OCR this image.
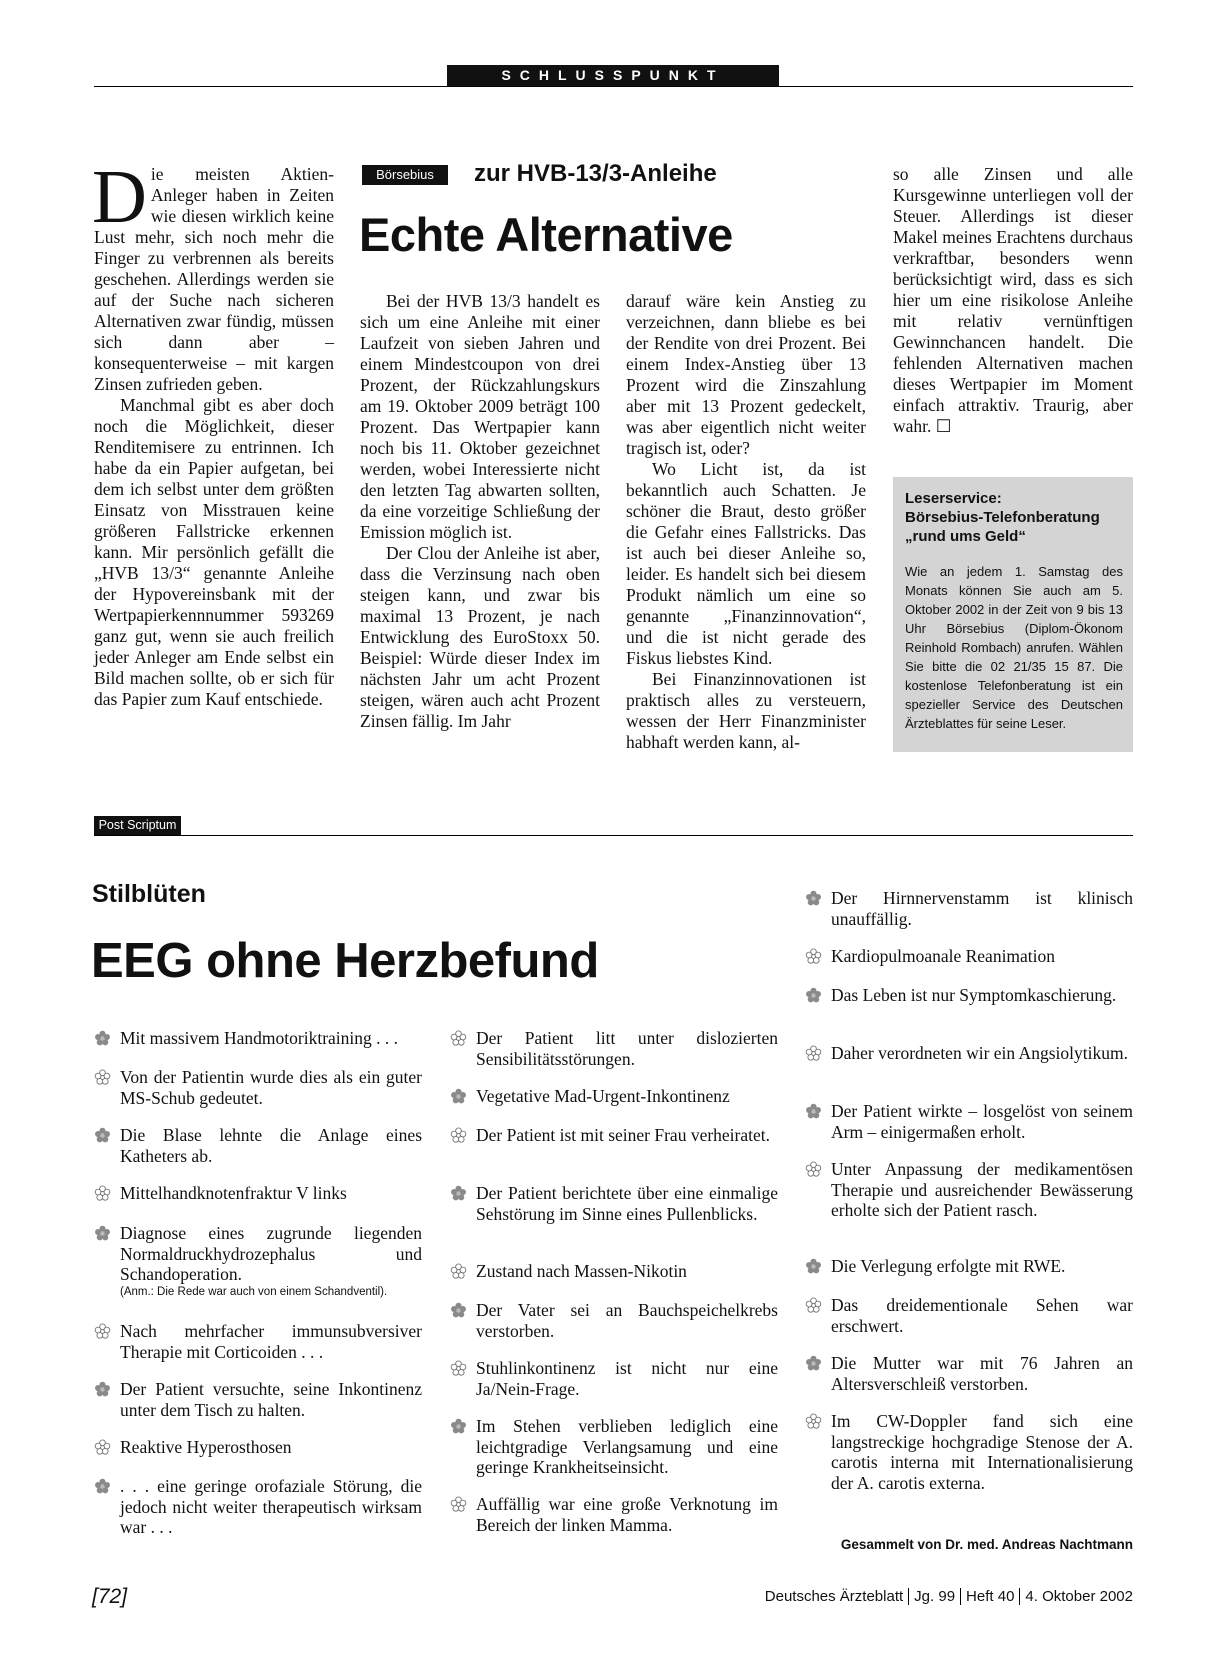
SCHLUSSPUNKT

Die meisten Aktien-Anleger haben in Zeiten wie diesen wirklich keine Lust mehr, sich noch mehr die Finger zu verbrennen als bereits geschehen. Allerdings werden sie auf der Suche nach sicheren Alternativen zwar fündig, müssen sich dann aber – konsequenterweise – mit kargen Zinsen zufrieden geben.

Manchmal gibt es aber doch noch die Möglichkeit, dieser Renditemisere zu entrinnen. Ich habe da ein Papier aufgetan, bei dem ich selbst unter dem größten Einsatz von Misstrauen keine größeren Fallstricke erkennen kann. Mir persönlich gefällt die „HVB 13/3“ genannte Anleihe der Hypovereinsbank mit der Wertpapierkennnummer 593269 ganz gut, wenn sie auch freilich jeder Anleger am Ende selbst ein Bild machen sollte, ob er sich für das Papier zum Kauf entschiede.

Börsebius	zur HVB-13/3-Anleihe
Echte Alternative

Bei der HVB 13/3 handelt es sich um eine Anleihe mit einer Laufzeit von sieben Jahren und einem Mindestcoupon von drei Prozent, der Rückzahlungskurs am 19. Oktober 2009 beträgt 100 Prozent. Das Wertpapier kann noch bis 11. Oktober gezeichnet werden, wobei Interessierte nicht den letzten Tag abwarten sollten, da eine vorzeitige Schließung der Emission möglich ist.

Der Clou der Anleihe ist aber, dass die Verzinsung nach oben steigen kann, und zwar bis maximal 13 Prozent, je nach Entwicklung des EuroStoxx 50. Beispiel: Würde dieser Index im nächsten Jahr um acht Prozent steigen, wären auch acht Prozent Zinsen fällig. Im Jahr

darauf wäre kein Anstieg zu verzeichnen, dann bliebe es bei der Rendite von drei Prozent. Bei einem Index-Anstieg über 13 Prozent wird die Zinszahlung aber mit 13 Prozent gedeckelt, was aber eigentlich nicht weiter tragisch ist, oder?

Wo Licht ist, da ist bekanntlich auch Schatten. Je schöner die Braut, desto größer die Gefahr eines Fallstricks. Das ist auch bei dieser Anleihe so, leider. Es handelt sich bei diesem Produkt nämlich um eine so genannte „Finanzinnovation“, und die ist nicht gerade des Fiskus liebstes Kind.

Bei Finanzinnovationen ist praktisch alles zu versteuern, wessen der Herr Finanzminister habhaft werden kann, al-

so alle Zinsen und alle Kursgewinne unterliegen voll der Steuer. Allerdings ist dieser Makel meines Erachtens durchaus verkraftbar, besonders wenn berücksichtigt wird, dass es sich hier um eine risikolose Anleihe mit relativ vernünftigen Gewinnchancen handelt. Die fehlenden Alternativen machen dieses Wertpapier im Moment einfach attraktiv. Traurig, aber wahr. ☐

Leserservice:
Börsebius-Telefonberatung
„rund ums Geld“
Wie an jedem 1. Samstag des Monats können Sie auch am 5. Oktober 2002 in der Zeit von 9 bis 13 Uhr Börsebius (Diplom-Ökonom Reinhold Rombach) anrufen. Wählen Sie bitte die 02 21/35 15 87. Die kostenlose Telefonberatung ist ein spezieller Service des Deutschen Ärzteblattes für seine Leser.
Post Scriptum
Stilblüten
EEG ohne Herzbefund
Mit massivem Handmotoriktraining . . .
Von der Patientin wurde dies als ein guter MS-Schub gedeutet.
Die Blase lehnte die Anlage eines Katheters ab.
Mittelhandknotenfraktur V links
Diagnose eines zugrunde liegenden Normaldruckhydrozephalus und Schandoperation.
(Anm.: Die Rede war auch von einem Schandventil).
Nach mehrfacher immunsubversiver Therapie mit Corticoiden . . .
Der Patient versuchte, seine Inkontinenz unter dem Tisch zu halten.
Reaktive Hyperosthosen
. . . eine geringe orofaziale Störung, die jedoch nicht weiter therapeutisch wirksam war . . .
Der Patient litt unter dislozierten Sensibilitätsstörungen.
Vegetative Mad-Urgent-Inkontinenz
Der Patient ist mit seiner Frau verheiratet.
Der Patient berichtete über eine einmalige Sehstörung im Sinne eines Pullenblicks.
Zustand nach Massen-Nikotin
Der Vater sei an Bauchspeichelkrebs verstorben.
Stuhlinkontinenz ist nicht nur eine Ja/Nein-Frage.
Im Stehen verblieben lediglich eine leichtgradige Verlangsamung und eine geringe Krankheitseinsicht.
Auffällig war eine große Verknotung im Bereich der linken Mamma.
Der Hirnnervenstamm ist klinisch unauffällig.
Kardiopulmoanale Reanimation
Das Leben ist nur Symptomkaschierung.
Daher verordneten wir ein Angsiolytikum.
Der Patient wirkte – losgelöst von seinem Arm – einigermaßen erholt.
Unter Anpassung der medikamentösen Therapie und ausreichender Bewässerung erholte sich der Patient rasch.
Die Verlegung erfolgte mit RWE.
Das dreidementionale Sehen war erschwert.
Die Mutter war mit 76 Jahren an Altersverschleiß verstorben.
Im CW-Doppler fand sich eine langstreckige hochgradige Stenose der A. carotis interna mit Internationalisierung der A. carotis externa.
Gesammelt von Dr. med. Andreas Nachtmann
[72]	Deutsches Ärzteblatt Jg. 99 Heft 40 4. Oktober 2002
